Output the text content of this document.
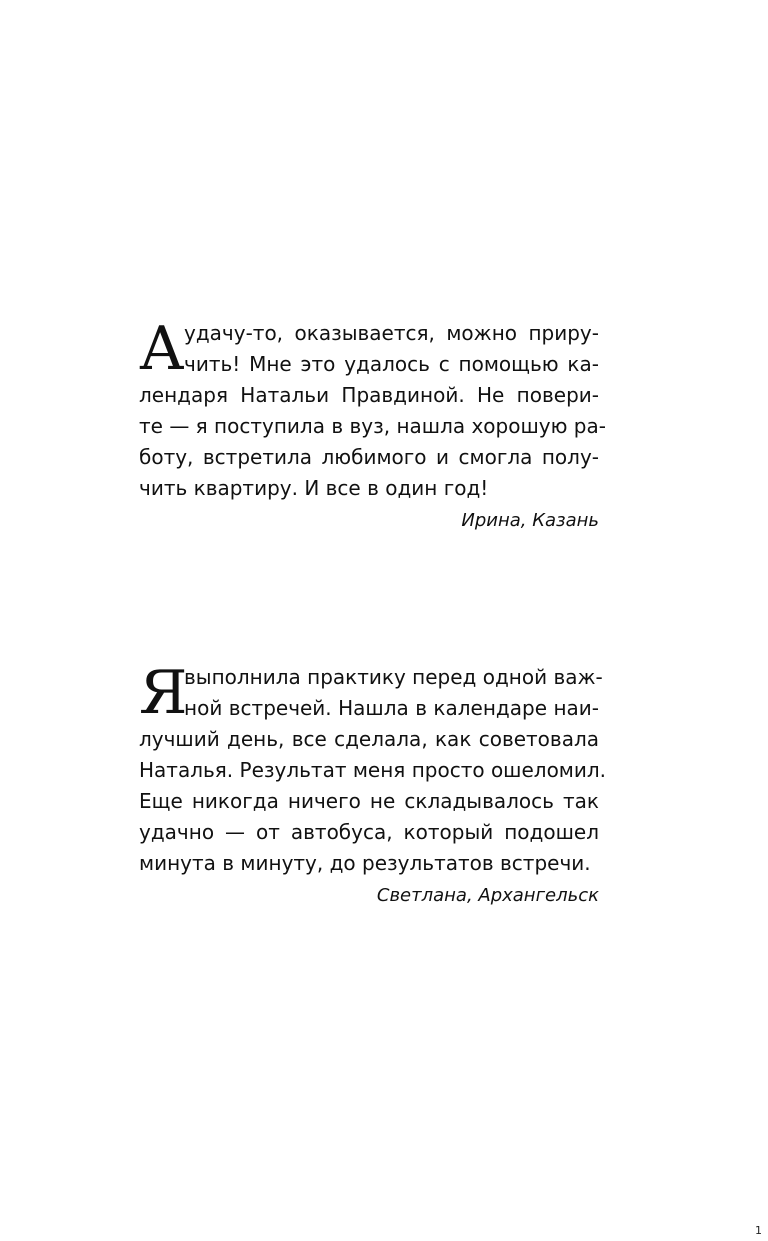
А удачу-то, оказывается, можно приру-
чить! Мне это удалось с помощью ка-
лендаря Натальи Правдиной. Не повери-
те — я поступила в вуз, нашла хорошую ра-
боту, встретила любимого и смогла полу-
чить квартиру. И все в один год!
Ирина, Казань
Я
выполнила практику перед одной важ-
ной встречей. Нашла в календаре наи-
лучший день, все сделала, как советовала
Наталья. Результат меня просто ошеломил.
Еще никогда ничего не складывалось так
удачно — от автобуса, который подошел
минута в минуту, до результатов встречи.
Светлана, Архангельск
1
